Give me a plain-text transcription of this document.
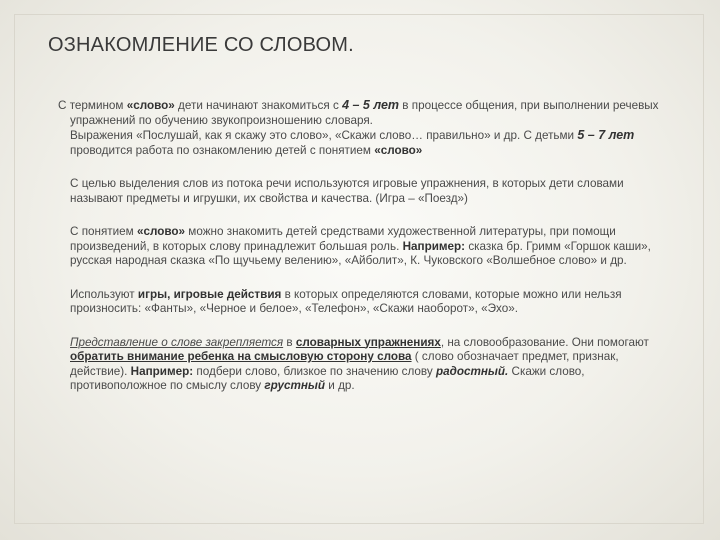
ОЗНАКОМЛЕНИЕ СО СЛОВОМ.

С термином «слово» дети начинают знакомиться с 4 – 5 лет в процессе общения, при выполнении речевых упражнений по обучению звукопроизношению словаря.

Выражения «Послушай, как я скажу это слово», «Скажи слово… правильно» и др. С детьми 5 – 7 лет проводится работа по ознакомлению детей с понятием «слово»

С целью выделения слов из потока речи используются игровые упражнения, в которых дети словами называют предметы и игрушки, их свойства и качества. (Игра – «Поезд»)

С понятием «слово» можно знакомить детей средствами художественной литературы, при помощи произведений, в которых слову принадлежит большая роль. Например: сказка бр. Гримм «Горшок каши», русская народная сказка «По щучьему велению», «Айболит», К. Чуковского «Волшебное слово» и др.

Используют игры, игровые действия в которых определяются словами, которые можно или нельзя произносить: «Фанты», «Черное и белое», «Телефон», «Скажи наоборот», «Эхо».

Представление о слове закрепляется в словарных упражнениях, на словообразование. Они помогают обратить внимание ребенка на смысловую сторону слова ( слово обозначает предмет, признак, действие). Например: подбери слово, близкое по значению слову радостный. Скажи слово, противоположное по смыслу слову грустный и др.
